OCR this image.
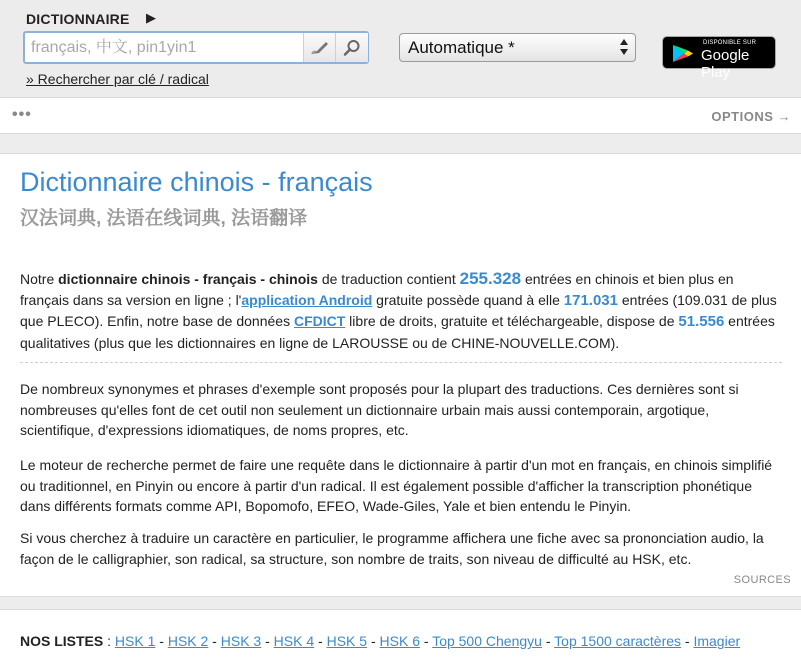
DICTIONNAIRE ▶
français, 中文, pin1yin1
» Rechercher par clé / radical
Automatique *	DISPONIBLE SUR
Google Play
•••	OPTIONS →
Dictionnaire chinois - français
汉法词典, 法语在线词典, 法语翻译

Notre dictionnaire chinois - français - chinois de traduction contient 255.328 entrées en chinois et bien plus en français dans sa version en ligne ; l'application Android gratuite possède quand à elle 171.031 entrées (109.031 de plus que PLECO). Enfin, notre base de données CFDICT libre de droits, gratuite et téléchargeable, dispose de 51.556 entrées qualitatives (plus que les dictionnaires en ligne de LAROUSSE ou de CHINE-NOUVELLE.COM).

De nombreux synonymes et phrases d'exemple sont proposés pour la plupart des traductions. Ces dernières sont si nombreuses qu'elles font de cet outil non seulement un dictionnaire urbain mais aussi contemporain, argotique, scientifique, d'expressions idiomatiques, de noms propres, etc.

Le moteur de recherche permet de faire une requête dans le dictionnaire à partir d'un mot en français, en chinois simplifié ou traditionnel, en Pinyin ou encore à partir d'un radical. Il est également possible d'afficher la transcription phonétique dans différents formats comme API, Bopomofo, EFEO, Wade-Giles, Yale et bien entendu le Pinyin.

Si vous cherchez à traduire un caractère en particulier, le programme affichera une fiche avec sa prononciation audio, la façon de le calligraphier, son radical, sa structure, son nombre de traits, son niveau de difficulté au HSK, etc.

SOURCES
NOS LISTES : HSK 1 - HSK 2 - HSK 3 - HSK 4 - HSK 5 - HSK 6 - Top 500 Chengyu - Top 1500 caractères - Imagier
